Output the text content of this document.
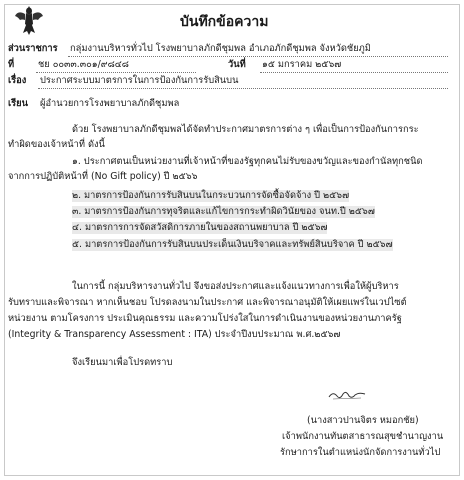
บันทึกข้อความ
ส่วนราชการ กลุ่มงานบริหารทั่วไป โรงพยาบาลภักดีชุมพล อำเภอภักดีชุมพล จังหวัดชัยภูมิ
ที่	ชย ๐๐๓๓.๓๐๑/๙๘๔๘	วันที่ ๑๕ มกราคม ๒๕๖๗
เรื่อง ประกาศระบบมาตรการในการป้องกันการรับสินบน
เรียน ผู้อำนวยการโรงพยาบาลภักดีชุมพล
ด้วย โรงพยาบาลภักดีชุมพลได้จัดทำประกาศมาตรการต่าง ๆ เพื่อเป็นการป้องกันการกระ
ทำผิดของเจ้าหน้าที่ ดังนี้
๑. ประกาศตนเป็นหน่วยงานที่เจ้าหน้าที่ของรัฐทุกคนไม่รับของขวัญและของกำนัลทุกชนิด
จากการปฏิบัติหน้าที่ (No Gift policy) ปี ๒๕๖๖
๒. มาตรการป้องกันการรับสินบนในกระบวนการจัดซื้อจัดจ้าง ปี ๒๕๖๗
๓. มาตรการป้องกันการทุจริตและแก้ไขการกระทำผิดวินัยของ จนท.ปี ๒๕๖๗
๔. มาตรการการจัดสวัสดิการภายในของสถานพยาบาล ปี ๒๕๖๗
๕. มาตรการป้องกันการรับสินบนประเด็นเงินบริจาคและทรัพย์สินบริจาค ปี ๒๕๖๗
ในการนี้ กลุ่มบริหารงานทั่วไป จึงขอส่งประกาศและแจ้งแนวทางการเพื่อให้ผู้บริหาร
รับทราบและพิจารณา หากเห็นชอบ โปรดลงนามในประกาศ และพิจารณาอนุมัติให้เผยแพร่ในเวปไซต์
หน่วยงาน ตามโครงการ ประเมินคุณธรรม และความโปร่งใสในการดำเนินงานของหน่วยงานภาครัฐ
(Integrity & Transparency Assessment : ITA) ประจำปีงบประมาณ พ.ศ.๒๕๖๗
จึงเรียนมาเพื่อโปรดทราบ
(นางสาวปานจิตร หมอกชัย)
เจ้าพนักงานทันตสาธารณสุขชำนาญงาน
รักษาการในตำแหน่งนักจัดการงานทั่วไป
